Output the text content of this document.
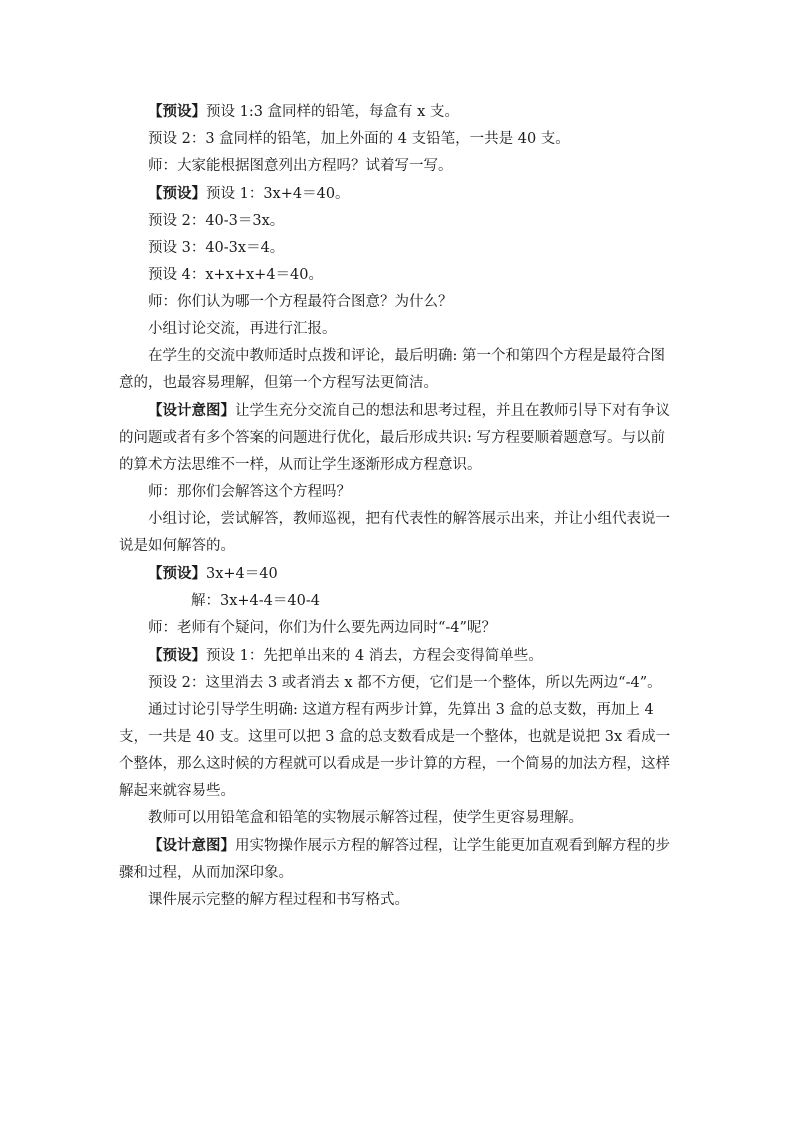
【预设】预设 1:3 盒同样的铅笔，每盒有 x 支。

预设 2：3 盒同样的铅笔，加上外面的 4 支铅笔，一共是 40 支。

师：大家能根据图意列出方程吗？试着写一写。

【预设】预设 1：3x+4＝40。

预设 2：40-3＝3x。

预设 3：40-3x＝4。

预设 4：x+x+x+4＝40。

师：你们认为哪一个方程最符合图意？为什么？

小组讨论交流，再进行汇报。

在学生的交流中教师适时点拨和评论，最后明确: 第一个和第四个方程是最符合图意的，也最容易理解，但第一个方程写法更简洁。

【设计意图】让学生充分交流自己的想法和思考过程，并且在教师引导下对有争议的问题或者有多个答案的问题进行优化，最后形成共识: 写方程要顺着题意写。与以前的算术方法思维不一样，从而让学生逐渐形成方程意识。

师：那你们会解答这个方程吗？

小组讨论，尝试解答，教师巡视，把有代表性的解答展示出来，并让小组代表说一说是如何解答的。

【预设】3x+4＝40

解：3x+4-4＝40-4

师：老师有个疑问，你们为什么要先两边同时“-4”呢？

【预设】预设 1：先把单出来的 4 消去，方程会变得简单些。

预设 2：这里消去 3 或者消去 x 都不方便，它们是一个整体，所以先两边“-4”。

通过讨论引导学生明确: 这道方程有两步计算，先算出 3 盒的总支数，再加上 4 支，一共是 40 支。这里可以把 3 盒的总支数看成是一个整体，也就是说把 3x 看成一个整体，那么这时候的方程就可以看成是一步计算的方程，一个简易的加法方程，这样解起来就容易些。

教师可以用铅笔盒和铅笔的实物展示解答过程，使学生更容易理解。

【设计意图】用实物操作展示方程的解答过程，让学生能更加直观看到解方程的步骤和过程，从而加深印象。

课件展示完整的解方程过程和书写格式。
